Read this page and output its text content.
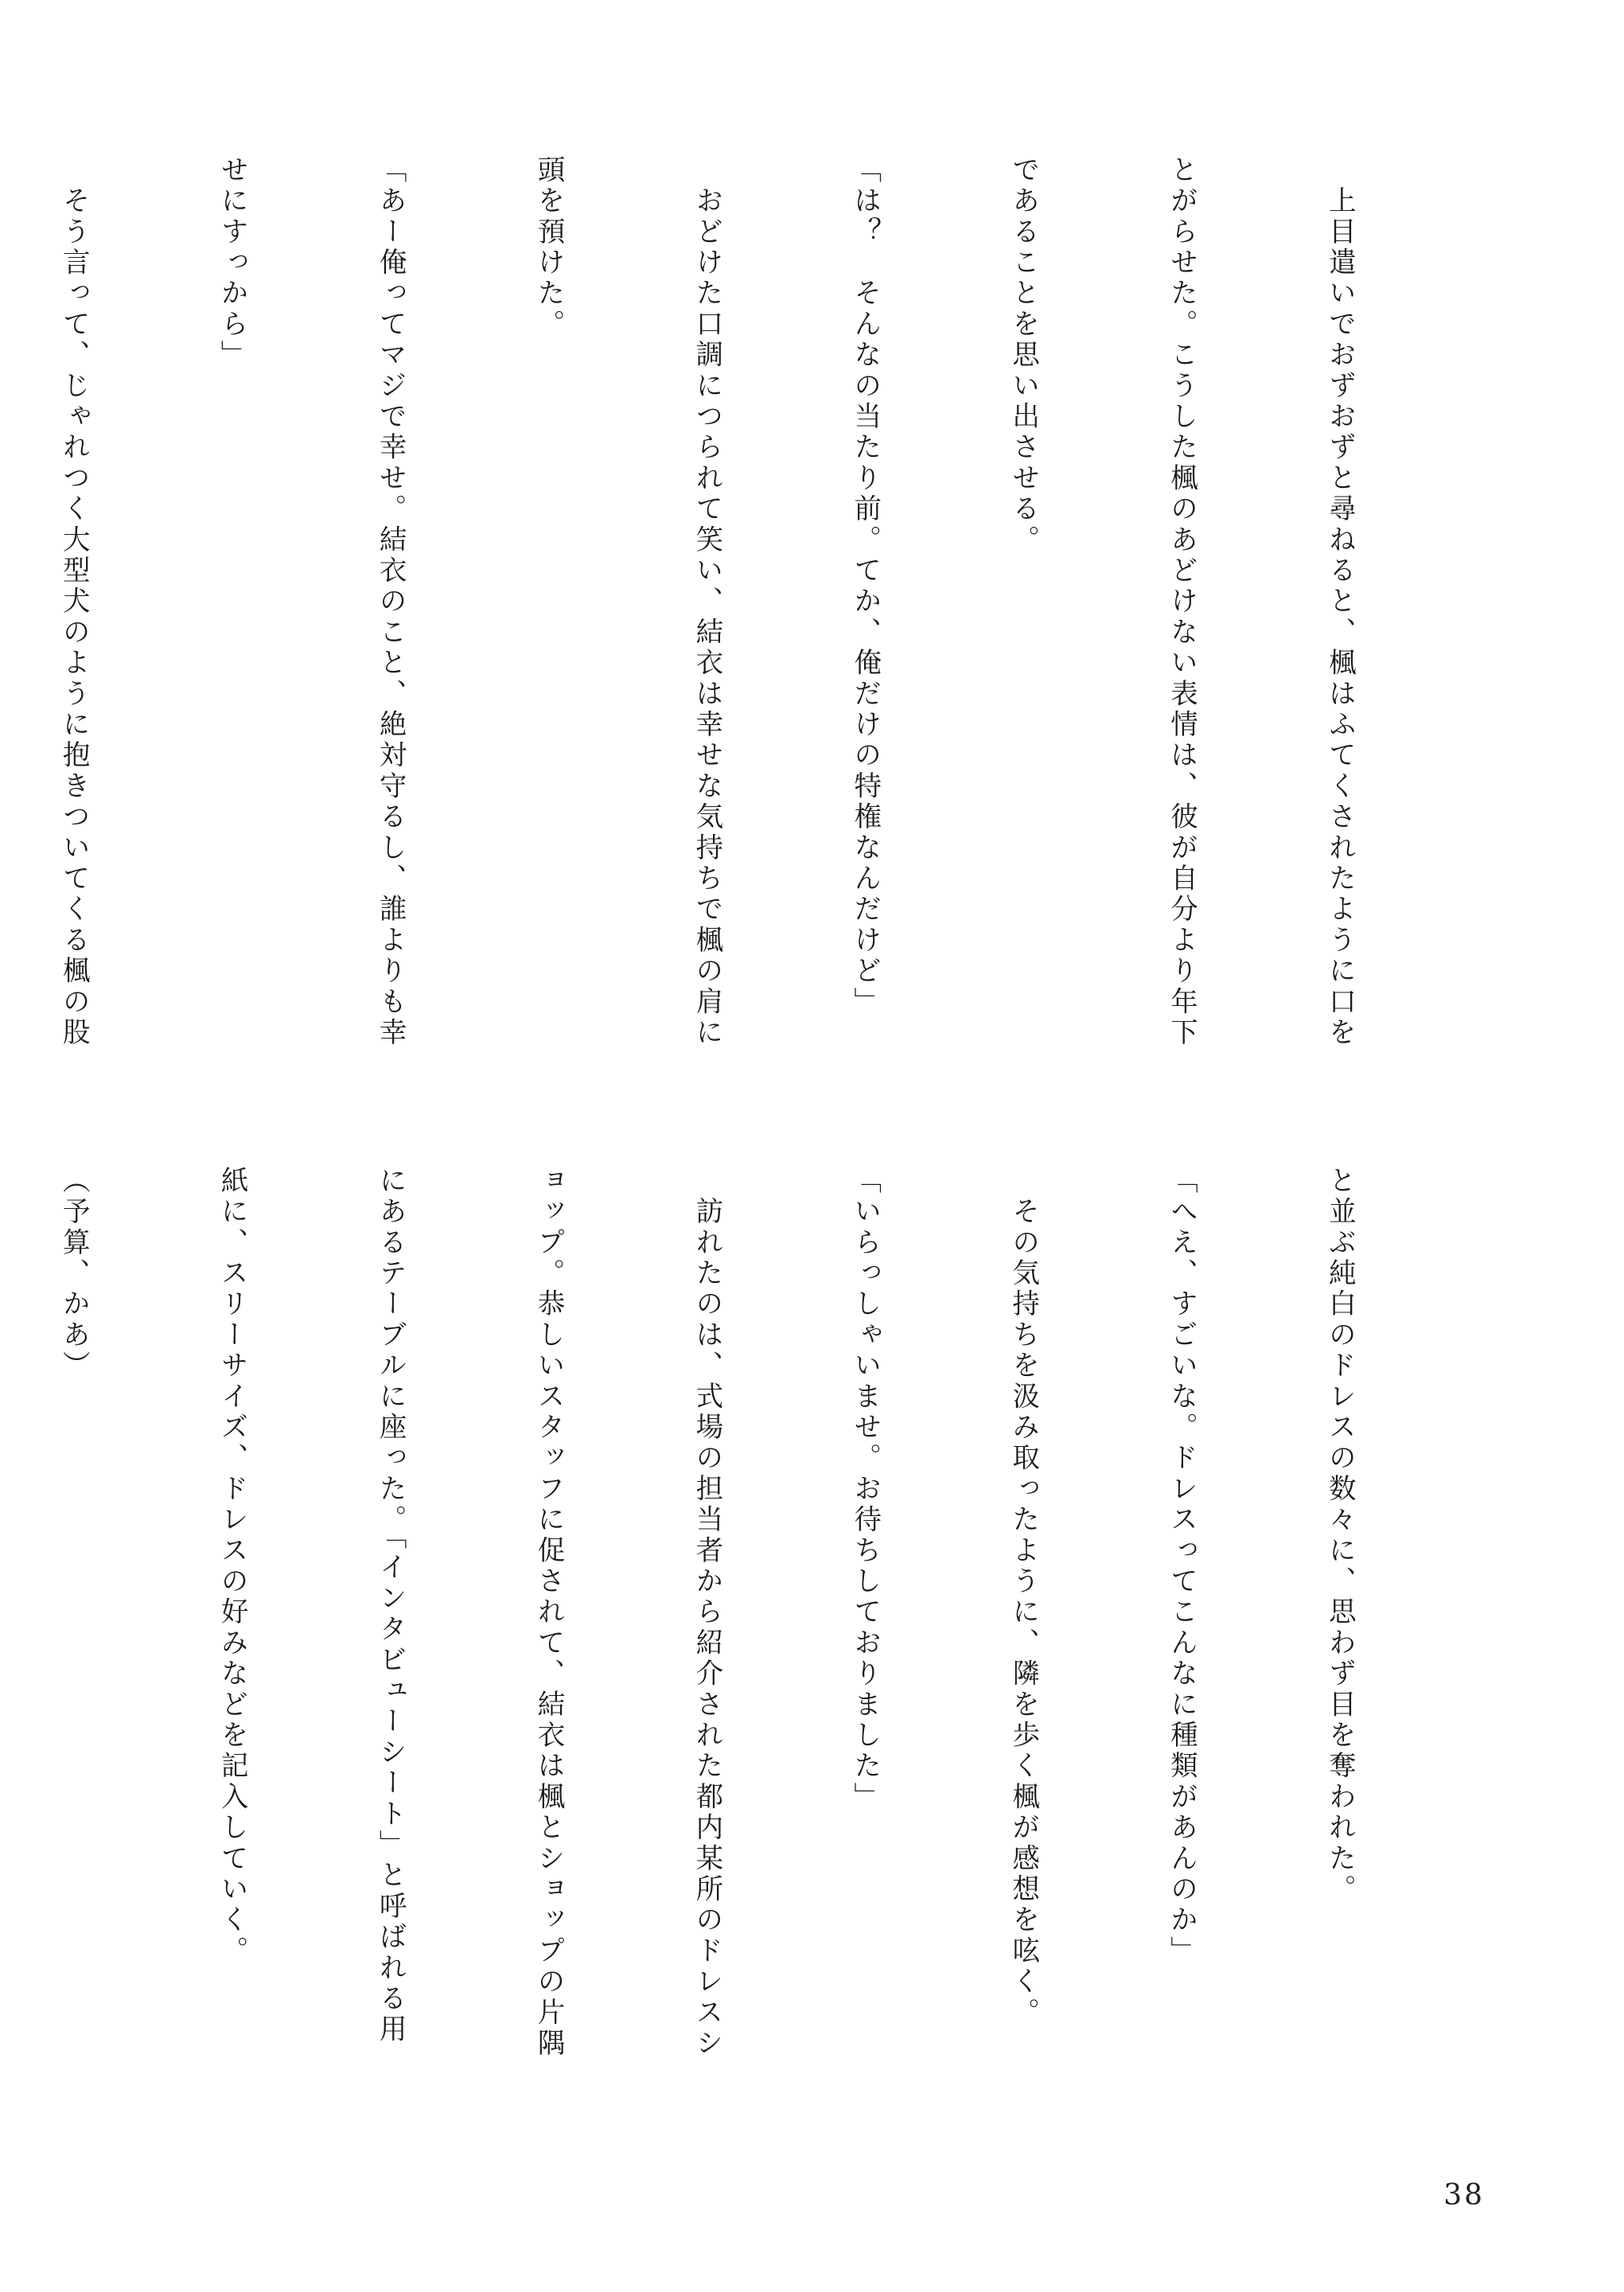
　上目遣いでおずおずと尋ねると、楓はふてくされたように口を

とがらせた。こうした楓のあどけない表情は、彼が自分より年下

であることを思い出させる。

「は？　そんなの当たり前。てか、俺だけの特権なんだけど」

　おどけた口調につられて笑い、結衣は幸せな気持ちで楓の肩に

頭を預けた。

「あー俺ってマジで幸せ。結衣のこと、絶対守るし、誰よりも幸

せにすっから」

　そう言って、じゃれつく大型犬のように抱きついてくる楓の股

と並ぶ純白のドレスの数々に、思わず目を奪われた。

「へえ、すごいな。ドレスってこんなに種類があんのか」

　その気持ちを汲み取ったように、隣を歩く楓が感想を呟く。

「いらっしゃいませ。お待ちしておりました」

　訪れたのは、式場の担当者から紹介された都内某所のドレスシ

ョップ。恭しいスタッフに促されて、結衣は楓とショップの片隅

にあるテーブルに座った。「インタビューシート」と呼ばれる用

紙に、スリーサイズ、ドレスの好みなどを記入していく。

（予算、かあ）

38
